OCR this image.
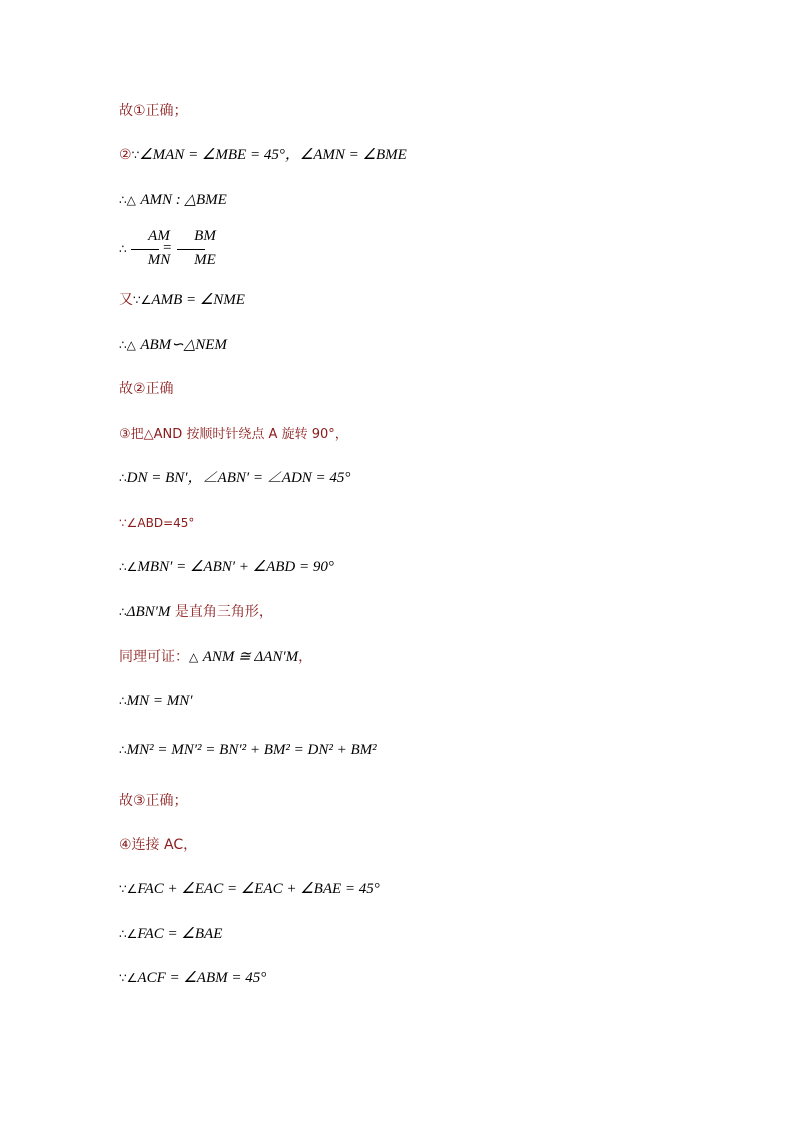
故①正确；
②∵∠MAN = ∠MBE = 45°，∠AMN = ∠BME
∴△ AMN : △BME
∴
AM
MN
=
BM
ME
又∵∠AMB = ∠NME
∴△ ABM∽△NEM
故②正确
③把△AND 按顺时针绕点 A 旋转 90°，
∴DN = BN′，∠ABN′ = ∠ADN = 45°
∵∠ABD=45°
∴∠MBN′ = ∠ABN′ + ∠ABD = 90°
∴ΔBN′M 是直角三角形，
同理可证：△ ANM ≅ ΔAN′M，
∴MN = MN′
∴MN² = MN′² = BN′² + BM² = DN² + BM²
故③正确；
④连接 AC，
∵∠FAC + ∠EAC = ∠EAC + ∠BAE = 45°
∴∠FAC = ∠BAE
∵∠ACF = ∠ABM = 45°
